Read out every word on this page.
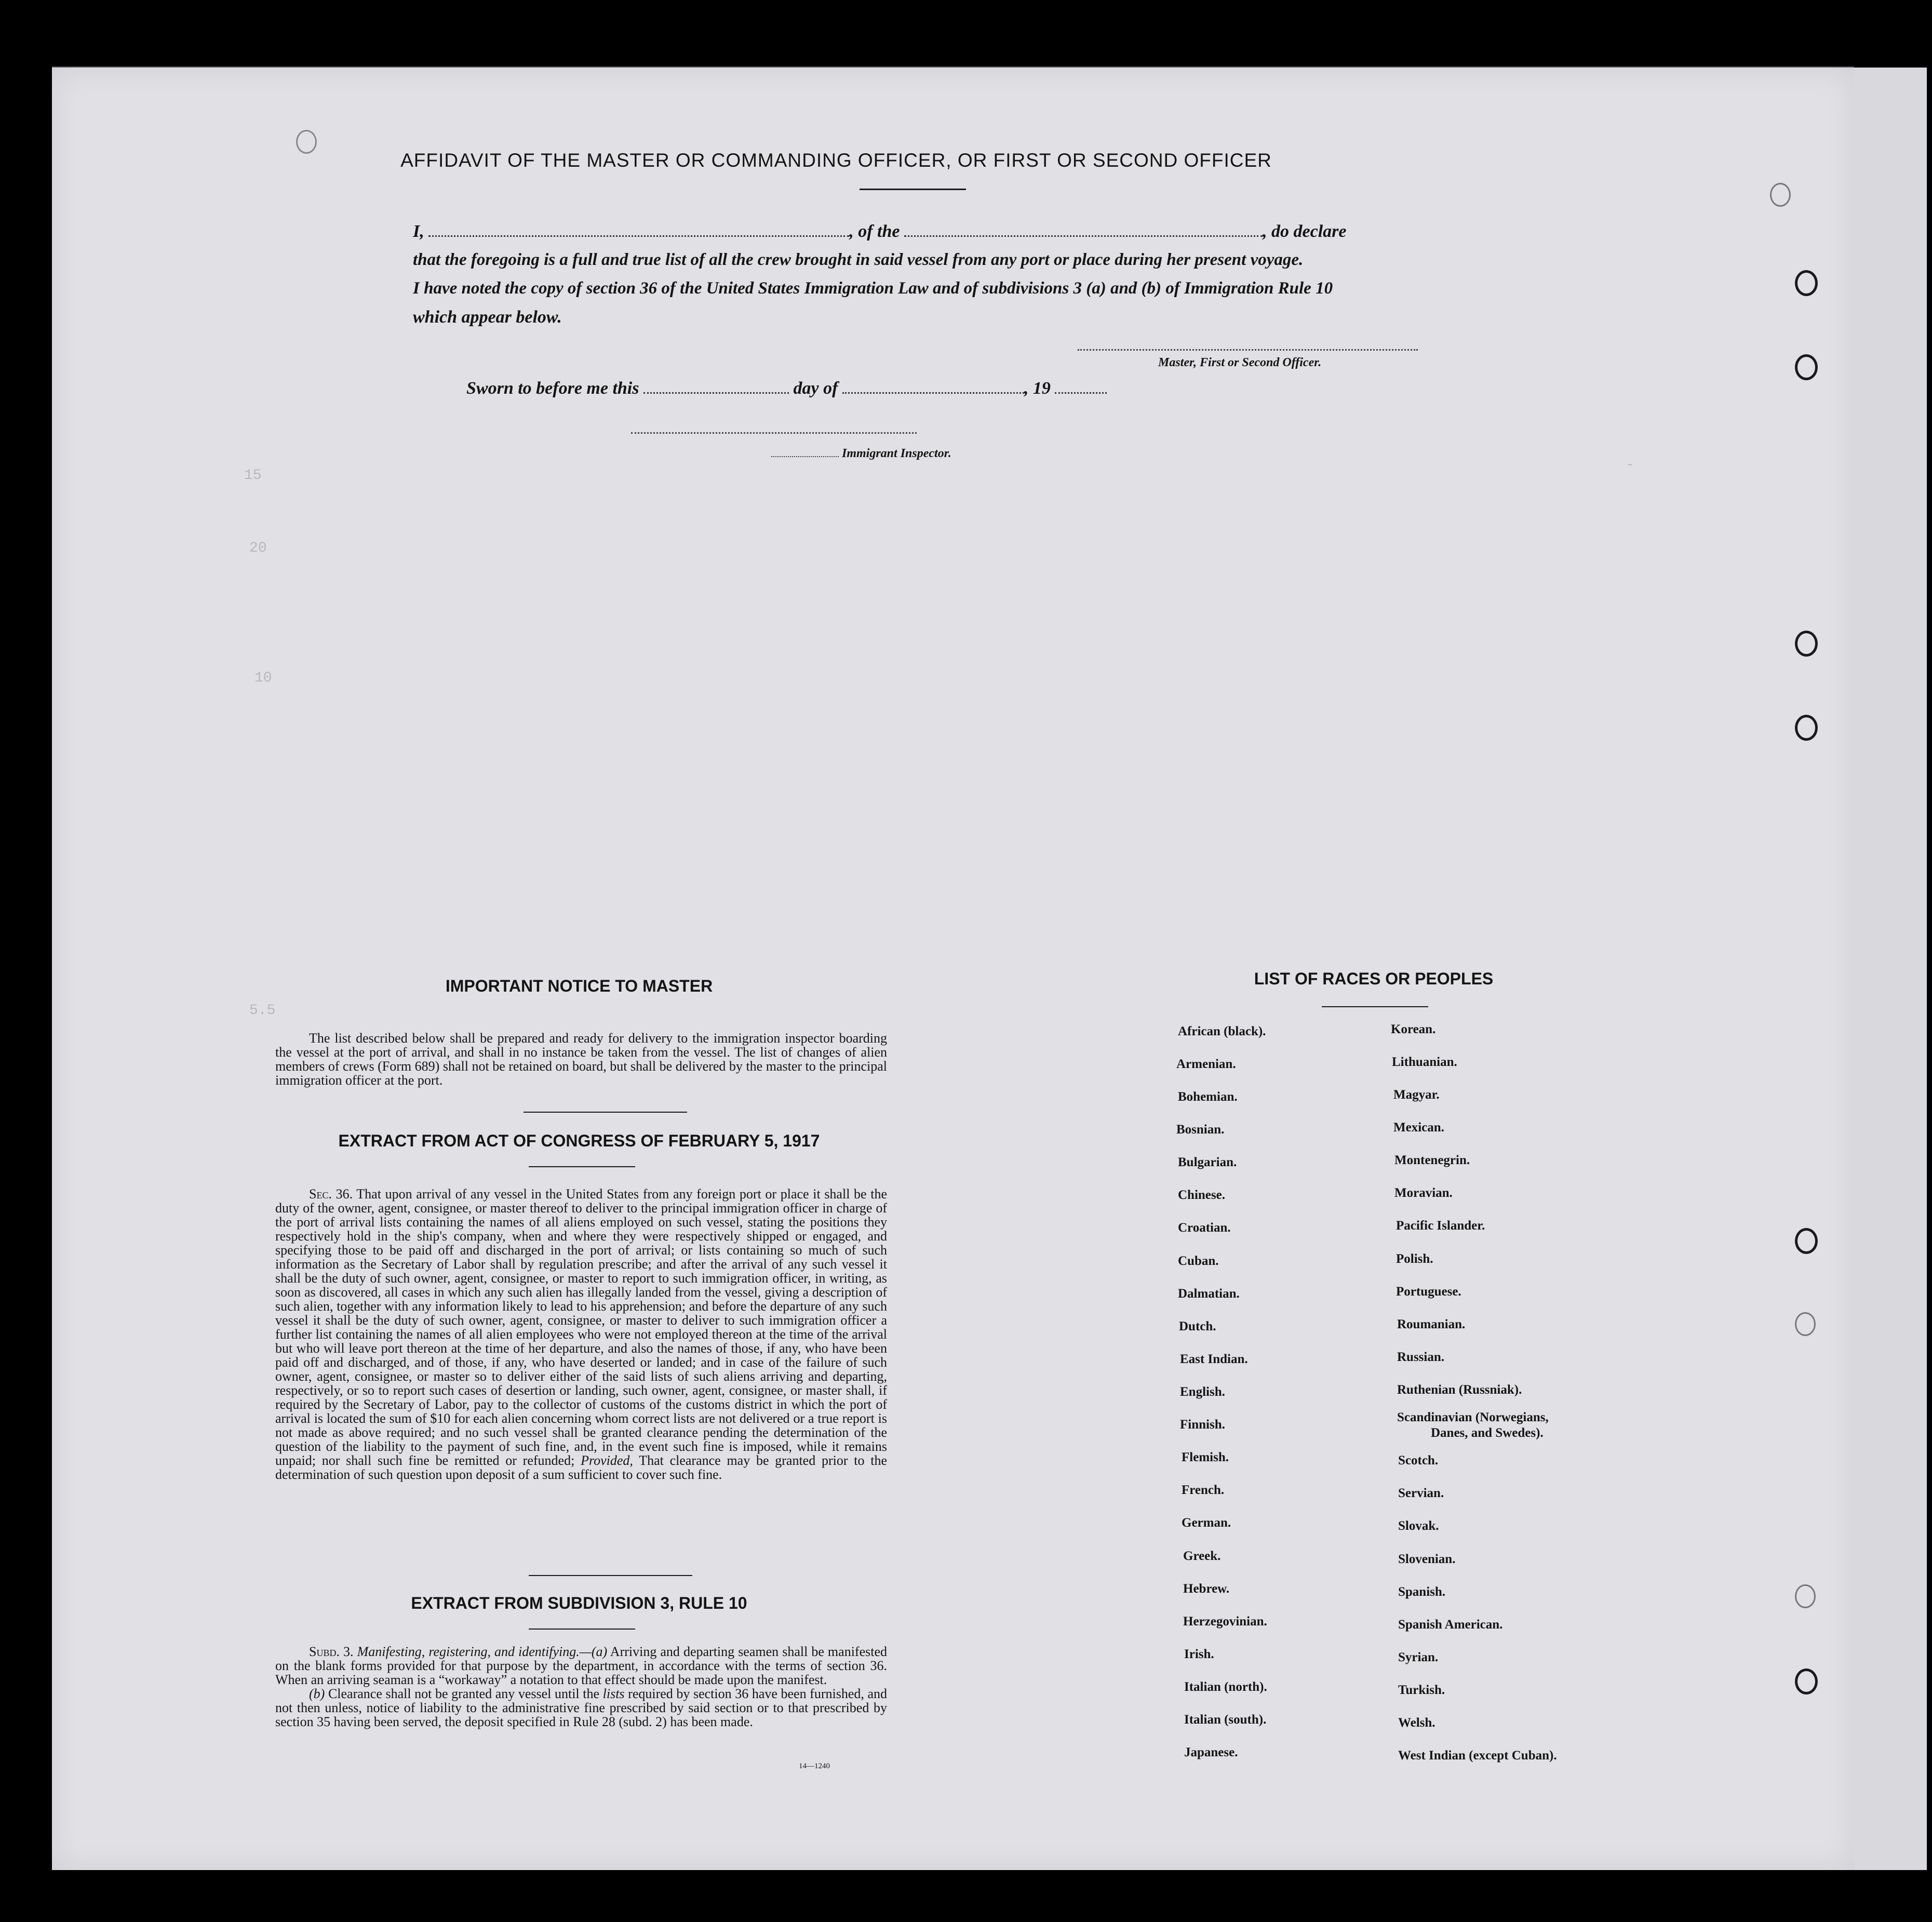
15
20
10
5.5
-
AFFIDAVIT OF THE MASTER OR COMMANDING OFFICER, OR FIRST OR SECOND OFFICER
I,	, of the	, do declare
that the foregoing is a full and true list of all the crew brought in said vessel from any port or place during her present voyage.
I have noted the copy of section 36 of the United States Immigration Law and of subdivisions 3 (a) and (b) of Immigration Rule 10
which appear below.
Master, First or Second Officer.
Sworn to before me this	day of	, 19
Immigrant Inspector.
IMPORTANT NOTICE TO MASTER
The list described below shall be prepared and ready for delivery to the immigration inspector boarding the vessel at the port of arrival, and shall in no instance be taken from the vessel. The list of changes of alien members of crews (Form 689) shall not be retained on board, but shall be delivered by the master to the principal immigration officer at the port.
EXTRACT FROM ACT OF CONGRESS OF FEBRUARY 5, 1917
Sec. 36. That upon arrival of any vessel in the United States from any foreign port or place it shall be the duty of the owner, agent, consignee, or master thereof to deliver to the principal immigration officer in charge of the port of arrival lists containing the names of all aliens employed on such vessel, stating the positions they respectively hold in the ship's company, when and where they were respectively shipped or engaged, and specifying those to be paid off and discharged in the port of arrival; or lists containing so much of such information as the Secretary of Labor shall by regulation prescribe; and after the arrival of any such vessel it shall be the duty of such owner, agent, consignee, or master to report to such immigration officer, in writing, as soon as discovered, all cases in which any such alien has illegally landed from the vessel, giving a description of such alien, together with any information likely to lead to his apprehension; and before the departure of any such vessel it shall be the duty of such owner, agent, consignee, or master to deliver to such immigration officer a further list containing the names of all alien employees who were not employed thereon at the time of the arrival but who will leave port thereon at the time of her departure, and also the names of those, if any, who have been paid off and discharged, and of those, if any, who have deserted or landed; and in case of the failure of such owner, agent, consignee, or master so to deliver either of the said lists of such aliens arriving and departing, respectively, or so to report such cases of desertion or landing, such owner, agent, consignee, or master shall, if required by the Secretary of Labor, pay to the collector of customs of the customs district in which the port of arrival is located the sum of $10 for each alien concerning whom correct lists are not delivered or a true report is not made as above required; and no such vessel shall be granted clearance pending the determination of the question of the liability to the payment of such fine, and, in the event such fine is imposed, while it remains unpaid; nor shall such fine be remitted or refunded; Provided, That clearance may be granted prior to the determination of such question upon deposit of a sum sufficient to cover such fine.
EXTRACT FROM SUBDIVISION 3, RULE 10
Subd. 3. Manifesting, registering, and identifying.—(a) Arriving and departing seamen shall be manifested on the blank forms provided for that purpose by the department, in accordance with the terms of section 36. When an arriving seaman is a “workaway” a notation to that effect should be made upon the manifest.
(b) Clearance shall not be granted any vessel until the lists required by section 36 have been furnished, and not then unless, notice of liability to the administrative fine prescribed by said section or to that prescribed by section 35 having been served, the deposit specified in Rule 28 (subd. 2) has been made.
14—1240
LIST OF RACES OR PEOPLES
African (black).
Armenian.
Bohemian.
Bosnian.
Bulgarian.
Chinese.
Croatian.
Cuban.
Dalmatian.
Dutch.
East Indian.
English.
Finnish.
Flemish.
French.
German.
Greek.
Hebrew.
Herzegovinian.
Irish.
Italian (north).
Italian (south).
Japanese.
Korean.
Lithuanian.
Magyar.
Mexican.
Montenegrin.
Moravian.
Pacific Islander.
Polish.
Portuguese.
Roumanian.
Russian.
Ruthenian (Russniak).
Scandinavian (Norwegians,
Danes, and Swedes).
Scotch.
Servian.
Slovak.
Slovenian.
Spanish.
Spanish American.
Syrian.
Turkish.
Welsh.
West Indian (except Cuban).
